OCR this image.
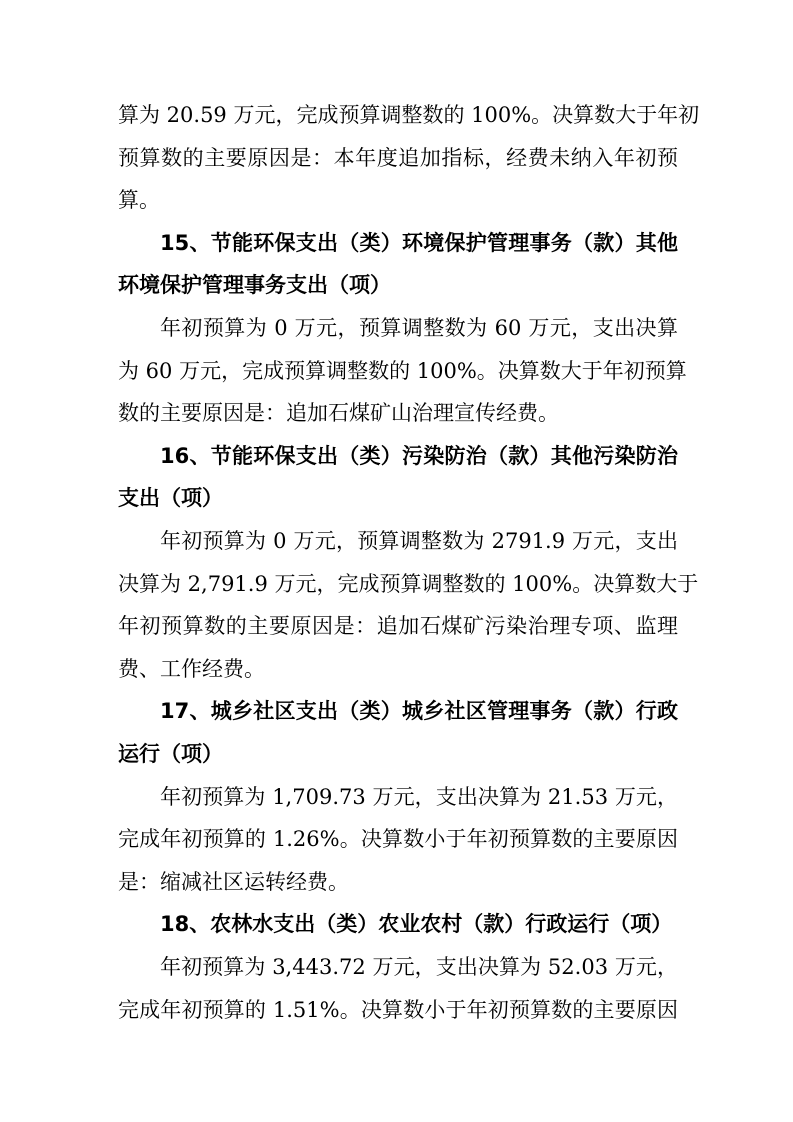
算为 20.59 万元，完成预算调整数的 100%。决算数大于年初
预算数的主要原因是：本年度追加指标，经费未纳入年初预
算。
15、节能环保支出（类）环境保护管理事务（款）其他
环境保护管理事务支出（项）
年初预算为 0 万元，预算调整数为 60 万元，支出决算
为 60 万元，完成预算调整数的 100%。决算数大于年初预算
数的主要原因是：追加石煤矿山治理宣传经费。
16、节能环保支出（类）污染防治（款）其他污染防治
支出（项）
年初预算为 0 万元，预算调整数为 2791.9 万元，支出
决算为 2,791.9 万元，完成预算调整数的 100%。决算数大于
年初预算数的主要原因是：追加石煤矿污染治理专项、监理
费、工作经费。
17、城乡社区支出（类）城乡社区管理事务（款）行政
运行（项）
年初预算为 1,709.73 万元，支出决算为 21.53 万元，
完成年初预算的 1.26%。决算数小于年初预算数的主要原因
是：缩减社区运转经费。
18、农林水支出（类）农业农村（款）行政运行（项）
年初预算为 3,443.72 万元，支出决算为 52.03 万元，
完成年初预算的 1.51%。决算数小于年初预算数的主要原因
